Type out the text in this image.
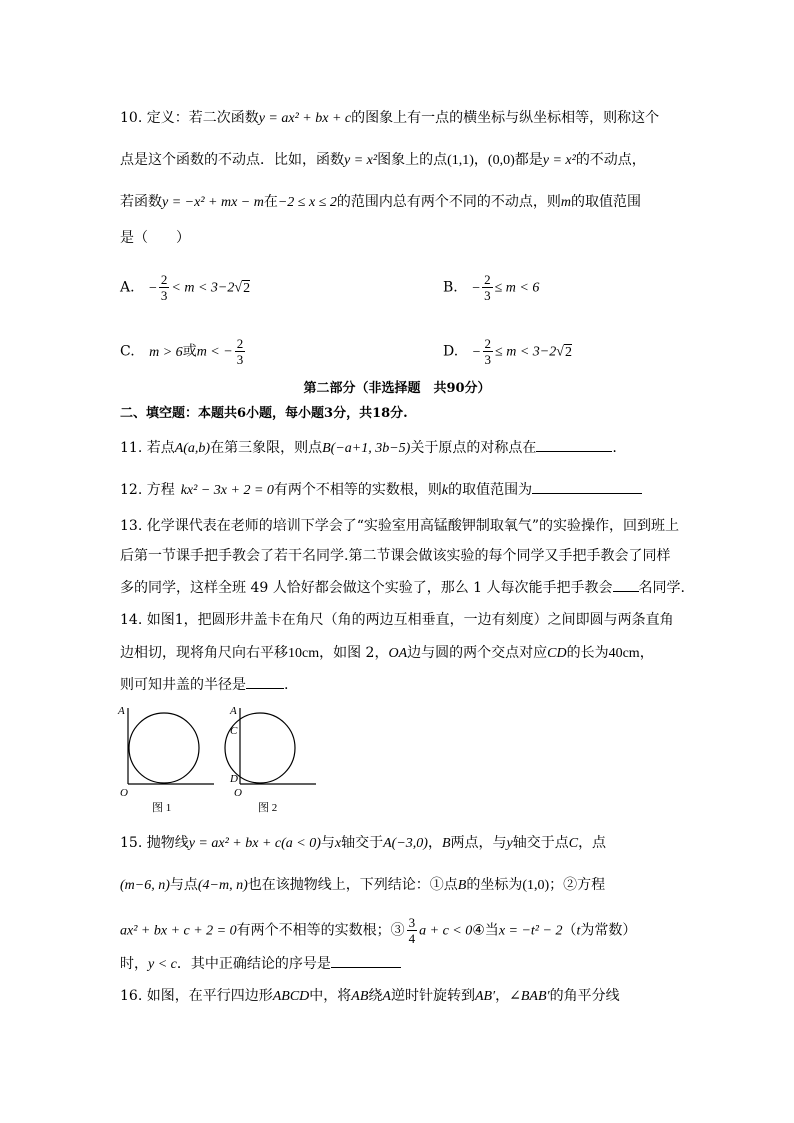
10. 定义：若二次函数y = ax² + bx + c的图象上有一点的横坐标与纵坐标相等，则称这个
点是这个函数的不动点．比如，函数y = x²图象上的点(1,1)，(0,0)都是y = x²的不动点，
若函数y = −x² + mx − m在−2 ≤ x ≤ 2的范围内总有两个不同的不动点，则m的取值范围
是（　　）
A. − $\frac{2}{3} < m < 3-2√2$	B. − $\frac{2}{3} \le m < 6$
C. m > 6或m < − $\frac{2}{3}$	D. − $\frac{2}{3} \le m < 3-2√2$
第二部分（非选择题　共90分）
二、填空题：本题共6小题，每小题3分，共18分.
11. 若点A(a,b)在第三象限，则点B(−a+1, 3b−5)关于原点的对称点在	.
12. 方程 kx² − 3x + 2 = 0有两个不相等的实数根，则k的取值范围为
13. 化学课代表在老师的培训下学会了“实验室用高锰酸钾制取氧气”的实验操作，回到班上
后第一节课手把手教会了若干名同学.第二节课会做该实验的每个同学又手把手教会了同样
多的同学，这样全班 49 人恰好都会做这个实验了，那么 1 人每次能手把手教会 名同学.
14. 如图1，把圆形井盖卡在角尺（角的两边互相垂直，一边有刻度）之间即圆与两条直角
边相切，现将角尺向右平移10cm，如图 2，OA边与圆的两个交点对应CD的长为40cm，
则可知井盖的半径是	.
A
O
图 1
A
C
D
O
图 2
15. 抛物线y = ax² + bx + c(a < 0)与x轴交于A(−3,0)，B两点，与y轴交于点C，点
(m−6, n)与点(4−m, n)也在该抛物线上，下列结论：①点B的坐标为(1,0)；②方程
ax² + bx + c + 2 = 0有两个不相等的实数根；③ $\frac{3}{4}$ a + c < 0④当x = −t² − 2（t为常数）
时，y < c．其中正确结论的序号是
16. 如图，在平行四边形ABCD中，将AB绕A逆时针旋转到AB′，∠BAB′的角平分线
